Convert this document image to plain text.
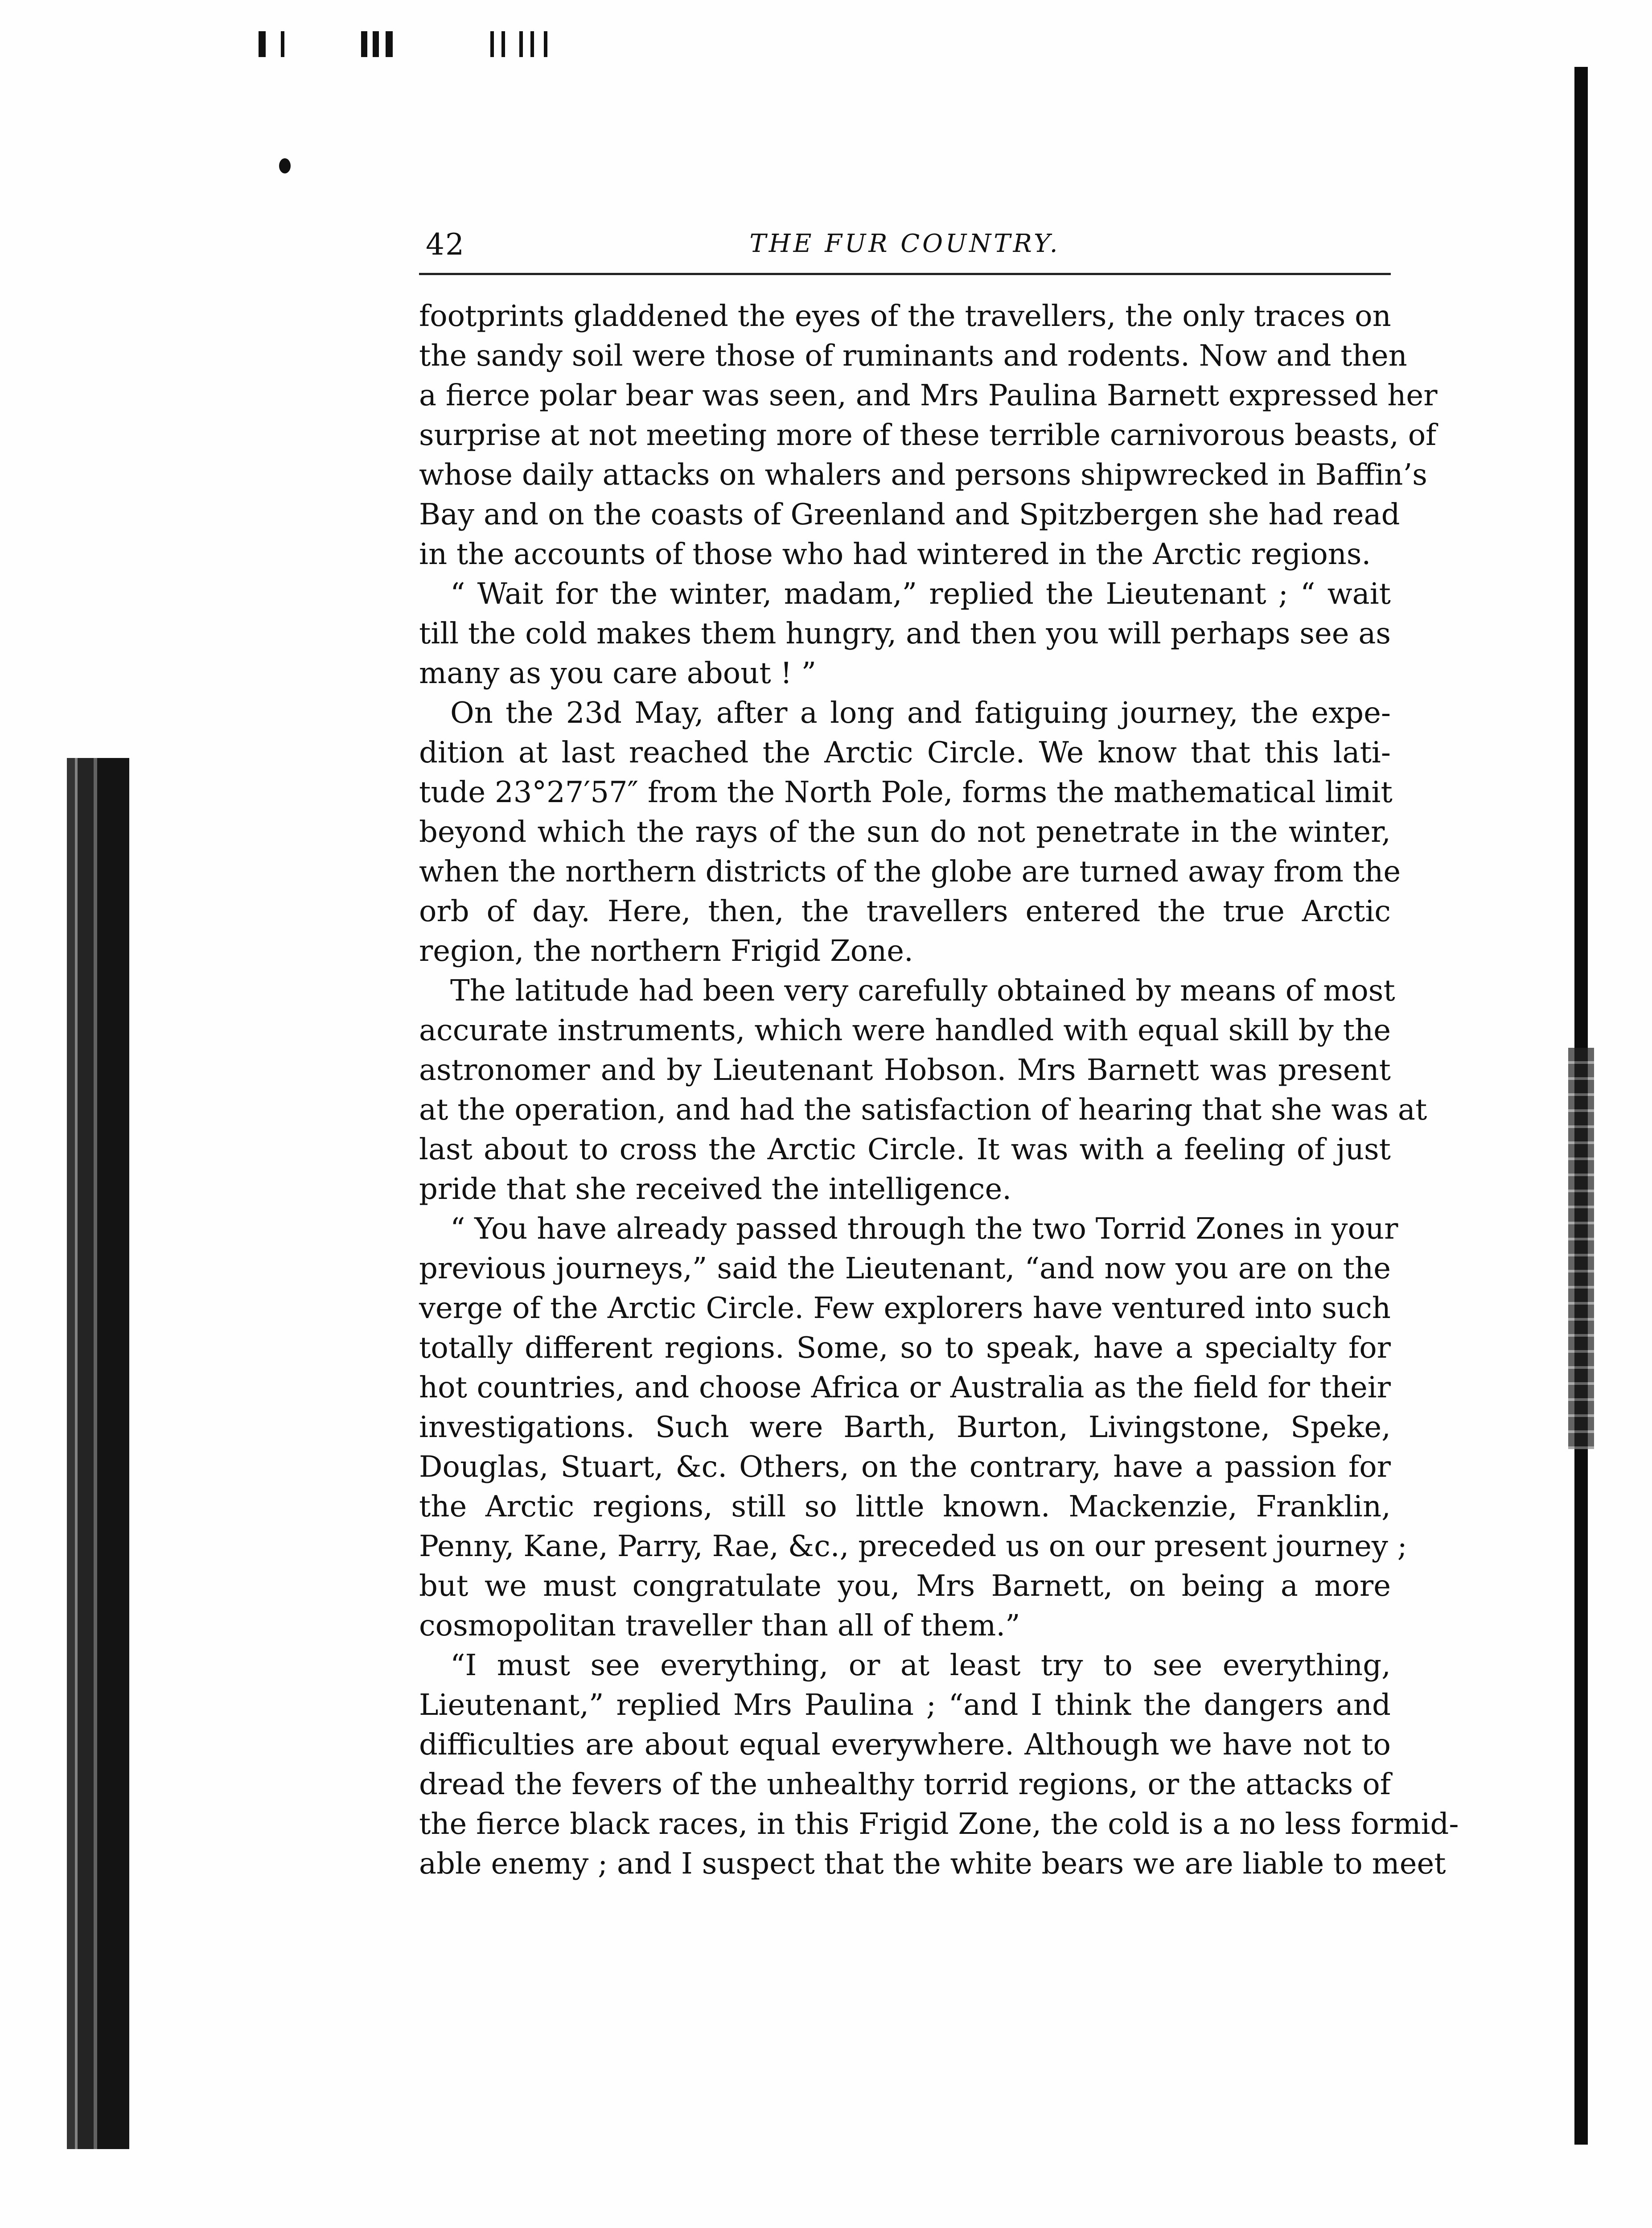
42	THE FUR COUNTRY.
footprints gladdened the eyes of the travellers, the only traces on
the sandy soil were those of ruminants and rodents. Now and then
a fierce polar bear was seen, and Mrs Paulina Barnett expressed her
surprise at not meeting more of these terrible carnivorous beasts, of
whose daily attacks on whalers and persons shipwrecked in Baffin’s
Bay and on the coasts of Greenland and Spitzbergen she had read
in the accounts of those who had wintered in the Arctic regions.
“ Wait for the winter, madam,” replied the Lieutenant ; “ wait
till the cold makes them hungry, and then you will perhaps see as
many as you care about ! ”
On the 23d May, after a long and fatiguing journey, the expe-
dition at last reached the Arctic Circle. We know that this lati-
tude 23°27′57″ from the North Pole, forms the mathematical limit
beyond which the rays of the sun do not penetrate in the winter,
when the northern districts of the globe are turned away from the
orb of day. Here, then, the travellers entered the true Arctic
region, the northern Frigid Zone.
The latitude had been very carefully obtained by means of most
accurate instruments, which were handled with equal skill by the
astronomer and by Lieutenant Hobson. Mrs Barnett was present
at the operation, and had the satisfaction of hearing that she was at
last about to cross the Arctic Circle. It was with a feeling of just
pride that she received the intelligence.
“ You have already passed through the two Torrid Zones in your
previous journeys,” said the Lieutenant, “and now you are on the
verge of the Arctic Circle. Few explorers have ventured into such
totally different regions. Some, so to speak, have a specialty for
hot countries, and choose Africa or Australia as the field for their
investigations. Such were Barth, Burton, Livingstone, Speke,
Douglas, Stuart, &c. Others, on the contrary, have a passion for
the Arctic regions, still so little known. Mackenzie, Franklin,
Penny, Kane, Parry, Rae, &c., preceded us on our present journey ;
but we must congratulate you, Mrs Barnett, on being a more
cosmopolitan traveller than all of them.”
“I must see everything, or at least try to see everything,
Lieutenant,” replied Mrs Paulina ; “and I think the dangers and
difficulties are about equal everywhere. Although we have not to
dread the fevers of the unhealthy torrid regions, or the attacks of
the fierce black races, in this Frigid Zone, the cold is a no less formid-
able enemy ; and I suspect that the white bears we are liable to meet
